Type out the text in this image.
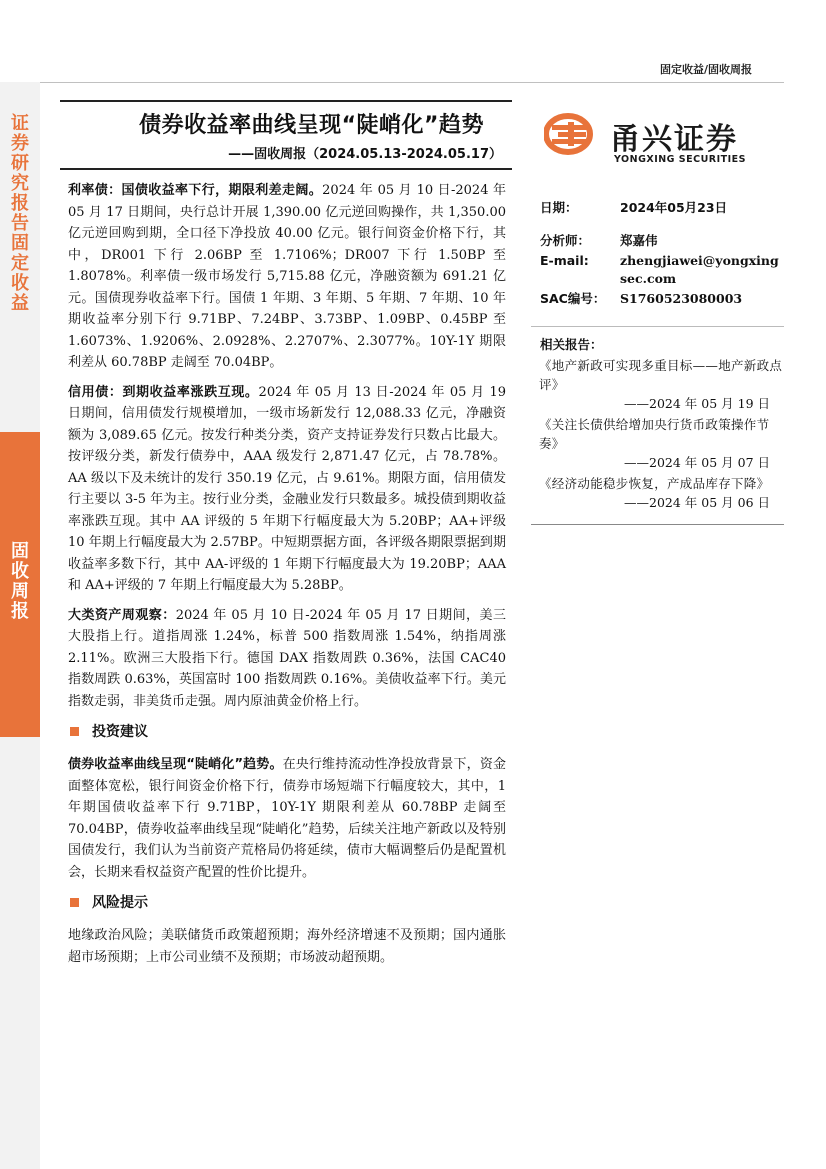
固定收益/固收周报
证券研究报告 固定收益
固收周报
债券收益率曲线呈现“陡峭化”趋势
——固收周报（2024.05.13-2024.05.17）	甬兴证券
YONGXING SECURITIES

利率债：国债收益率下行，期限利差走阔。2024 年 05 月 10 日-2024 年 05 月 17 日期间，央行总计开展 1,390.00 亿元逆回购操作，共 1,350.00 亿元逆回购到期，全口径下净投放 40.00 亿元。银行间资金价格下行，其中，DR001 下行 2.06BP 至 1.7106%；DR007 下行 1.50BP 至 1.8078%。利率债一级市场发行 5,715.88 亿元，净融资额为 691.21 亿元。国债现券收益率下行。国债 1 年期、3 年期、5 年期、7 年期、10 年期收益率分别下行 9.71BP、7.24BP、3.73BP、1.09BP、0.45BP 至 1.6073%、1.9206%、2.0928%、2.2707%、2.3077%。10Y-1Y 期限利差从 60.78BP 走阔至 70.04BP。

信用债：到期收益率涨跌互现。2024 年 05 月 13 日-2024 年 05 月 19 日期间，信用债发行规模增加，一级市场新发行 12,088.33 亿元，净融资额为 3,089.65 亿元。按发行种类分类，资产支持证券发行只数占比最大。按评级分类，新发行债券中，AAA 级发行 2,871.47 亿元，占 78.78%。AA 级以下及未统计的发行 350.19 亿元，占 9.61%。期限方面，信用债发行主要以 3-5 年为主。按行业分类，金融业发行只数最多。城投债到期收益率涨跌互现。其中 AA 评级的 5 年期下行幅度最大为 5.20BP；AA+评级 10 年期上行幅度最大为 2.57BP。中短期票据方面，各评级各期限票据到期收益率多数下行，其中 AA-评级的 1 年期下行幅度最大为 19.20BP；AAA 和 AA+评级的 7 年期上行幅度最大为 5.28BP。

大类资产周观察：2024 年 05 月 10 日-2024 年 05 月 17 日期间，美三大股指上行。道指周涨 1.24%，标普 500 指数周涨 1.54%，纳指周涨 2.11%。欧洲三大股指下行。德国 DAX 指数周跌 0.36%，法国 CAC40 指数周跌 0.63%，英国富时 100 指数周跌 0.16%。美债收益率下行。美元指数走弱，非美货币走强。周内原油黄金价格上行。

投资建议

债券收益率曲线呈现“陡峭化”趋势。在央行维持流动性净投放背景下，资金面整体宽松，银行间资金价格下行，债券市场短端下行幅度较大，其中，1 年期国债收益率下行 9.71BP，10Y-1Y 期限利差从 60.78BP 走阔至 70.04BP，债券收益率曲线呈现“陡峭化”趋势，后续关注地产新政以及特别国债发行，我们认为当前资产荒格局仍将延续，债市大幅调整后仍是配置机会，长期来看权益资产配置的性价比提升。

风险提示

地缘政治风险；美联储货币政策超预期；海外经济增速不及预期；国内通胀超市场预期；上市公司业绩不及预期；市场波动超预期。

日期：	2024年05月23日
分析师：	郑嘉伟
E-mail:	zhengjiawei@yongxingsec.com
SAC编号：	S1760523080003
相关报告：
《地产新政可实现多重目标——地产新政点评》
——2024 年 05 月 19 日
《关注长债供给增加央行货币政策操作节奏》
——2024 年 05 月 07 日
《经济动能稳步恢复，产成品库存下降》
——2024 年 05 月 06 日
